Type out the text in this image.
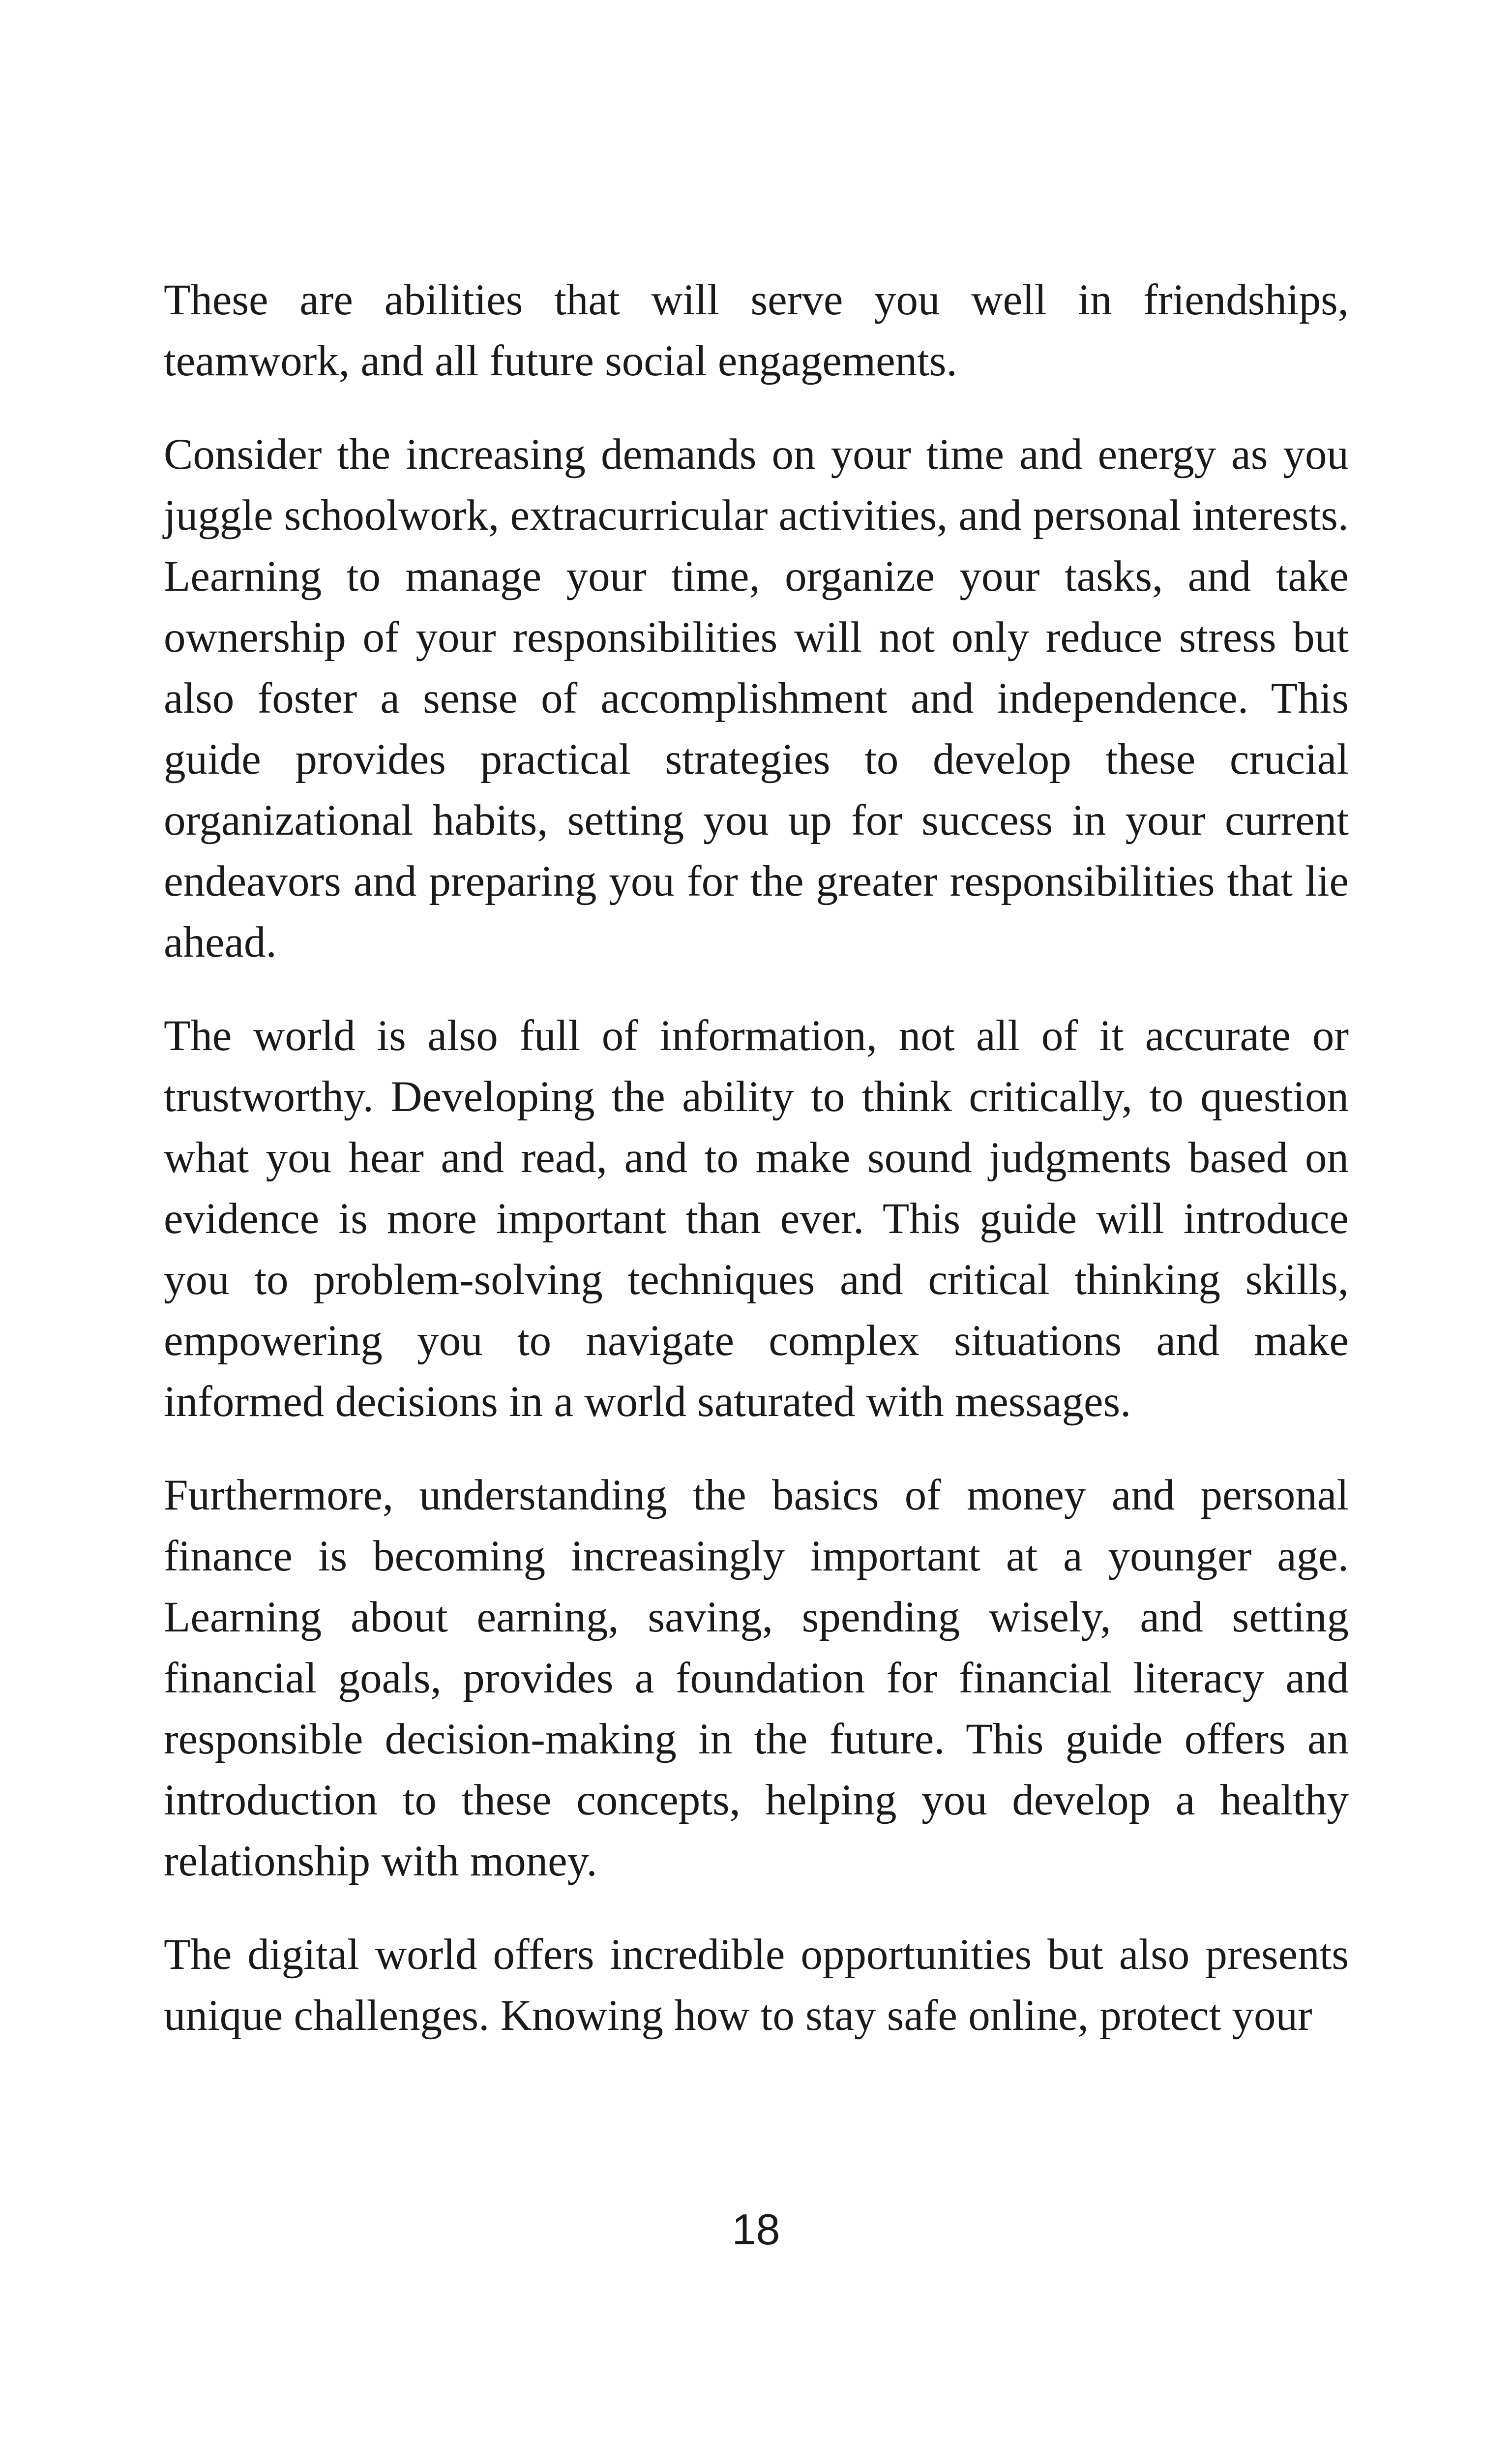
These are abilities that will serve you well in friendships, teamwork, and all future social engagements.

Consider the increasing demands on your time and energy as you juggle schoolwork, extracurricular activities, and personal interests. Learning to manage your time, organize your tasks, and take ownership of your responsibilities will not only reduce stress but also foster a sense of accomplishment and independence. This guide provides practical strategies to develop these crucial organizational habits, setting you up for success in your current endeavors and preparing you for the greater responsibilities that lie ahead.

The world is also full of information, not all of it accurate or trustworthy. Developing the ability to think critically, to question what you hear and read, and to make sound judgments based on evidence is more important than ever. This guide will introduce you to problem-solving techniques and critical thinking skills, empowering you to navigate complex situations and make informed decisions in a world saturated with messages.

Furthermore, understanding the basics of money and personal finance is becoming increasingly important at a younger age. Learning about earning, saving, spending wisely, and setting financial goals, provides a foundation for financial literacy and responsible decision-making in the future. This guide offers an introduction to these concepts, helping you develop a healthy relationship with money.

The digital world offers incredible opportunities but also presents unique challenges. Knowing how to stay safe online, protect your

18
